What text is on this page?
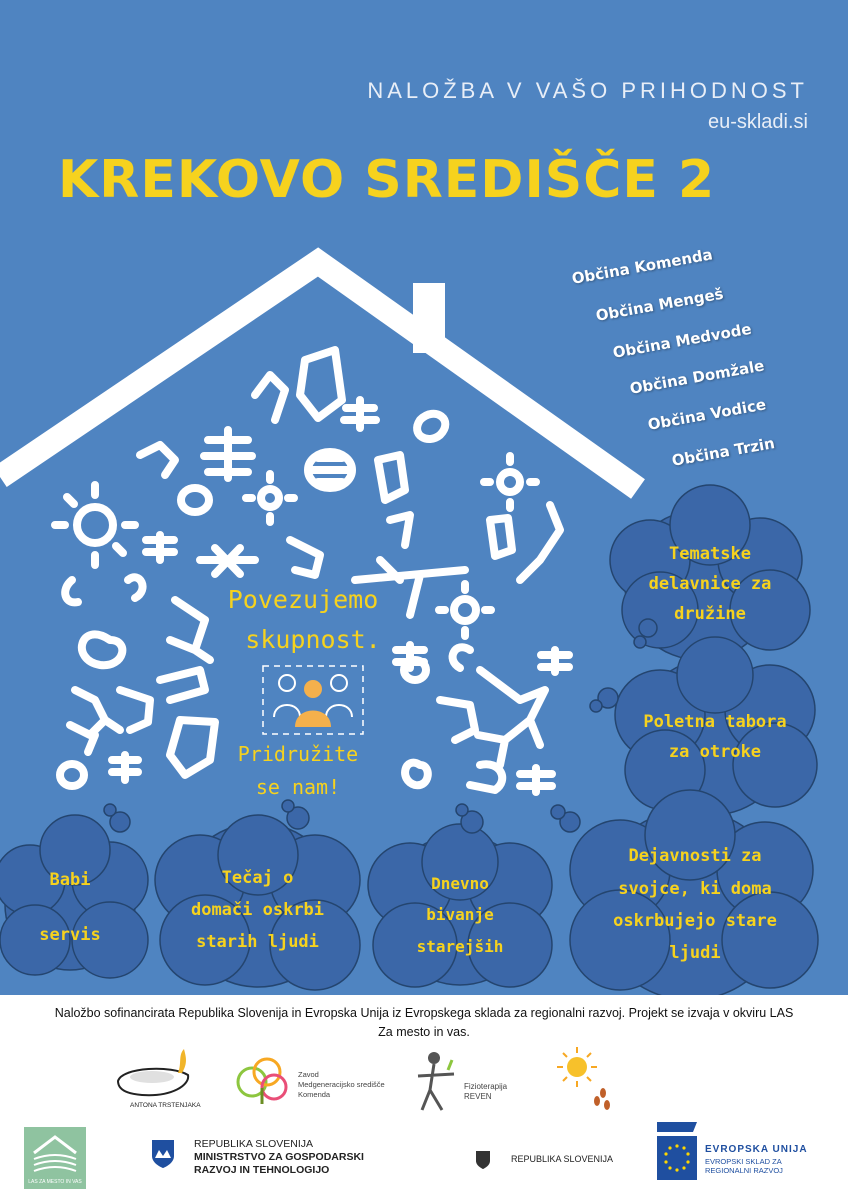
NALOŽBA V VAŠO PRIHODNOST
eu-skladi.si
KREKOVO SREDIŠČE 2
Občina Komenda
Občina Mengeš
Občina Medvode
Občina Domžale
Občina Vodice
Občina Trzin
Povezujemo
skupnost.
Pridružite
se nam!
Tematske
delavnice za
družine
Poletna tabora
za otroke
Dejavnosti za
svojce, ki doma
oskrbujejo stare
ljudi
Babi
servis
Tečaj o
domači oskrbi
starih ljudi
Dnevno
bivanje
starejših
Naložbo sofinancirata Republika Slovenija in Evropska Unija iz Evropskega sklada za regionalni razvoj. Projekt se izvaja v okviru LAS
Za mesto in vas.
ANTONA TRSTENJAKA
Zavod
Medgeneracijsko središče
Komenda
Fizioterapija
REVEN
LAS ZA MESTO IN VAS
REPUBLIKA SLOVENIJA
MINISTRSTVO ZA GOSPODARSKI
RAZVOJ IN TEHNOLOGIJO
REPUBLIKA SLOVENIJA
EVROPSKA UNIJA
EVROPSKI SKLAD ZA
REGIONALNI RAZVOJ
